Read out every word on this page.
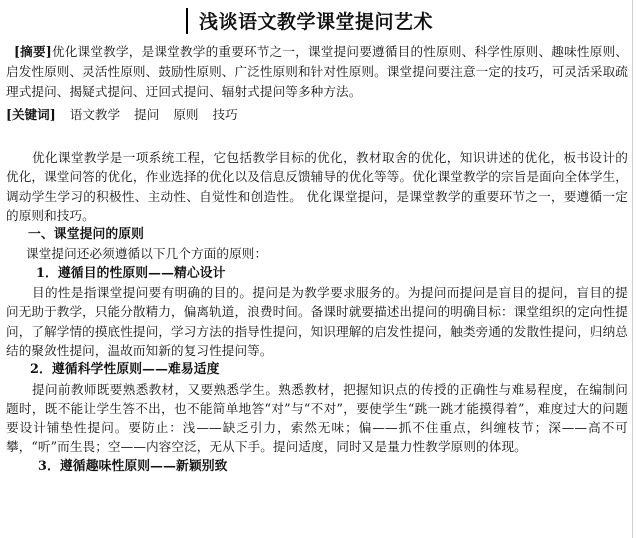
浅谈语文教学课堂提问艺术
[摘要]优化课堂教学，是课堂教学的重要环节之一，课堂提问要遵循目的性原则、科学性原则、趣味性原则、启发性原则、灵活性原则、鼓励性原则、广泛性原则和针对性原则。课堂提问要注意一定的技巧，可灵活采取疏理式提问、揭疑式提问、迂回式提问、辐射式提问等多种方法。
[关键词] 语文教学 提问 原则 技巧

优化课堂教学是一项系统工程，它包括教学目标的优化，教材取舍的优化，知识讲述的优化，板书设计的优化，课堂问答的优化，作业选择的优化以及信息反馈辅导的优化等等。优化课堂教学的宗旨是面向全体学生，调动学生学习的积极性、主动性、自觉性和创造性。 优化课堂提问，是课堂教学的重要环节之一，要遵循一定的原则和技巧。

一、课堂提问的原则

课堂提问还必须遵循以下几个方面的原则：

1．遵循目的性原则——精心设计

目的性是指课堂提问要有明确的目的。提问是为教学要求服务的。为提问而提问是盲目的提问，盲目的提问无助于教学，只能分散精力，偏离轨道，浪费时间。备课时就要描述出提问的明确目标：课堂组织的定向性提问，了解学情的摸底性提问，学习方法的指导性提问，知识理解的启发性提问，触类旁通的发散性提问，归纳总结的聚敛性提问，温故而知新的复习性提问等。

2．遵循科学性原则——难易适度

提问前教师既要熟悉教材，又要熟悉学生。熟悉教材，把握知识点的传授的正确性与难易程度，在编制问题时，既不能让学生答不出，也不能简单地答“对”与“不对”，要使学生“跳一跳才能摸得着”，难度过大的问题要设计铺垫性提问。要防止：浅——缺乏引力，索然无味；偏——抓不住重点，纠缠枝节；深——高不可攀，“听”而生畏；空——内容空泛，无从下手。提问适度，同时又是量力性教学原则的体现。

3．遵循趣味性原则——新颖别致
